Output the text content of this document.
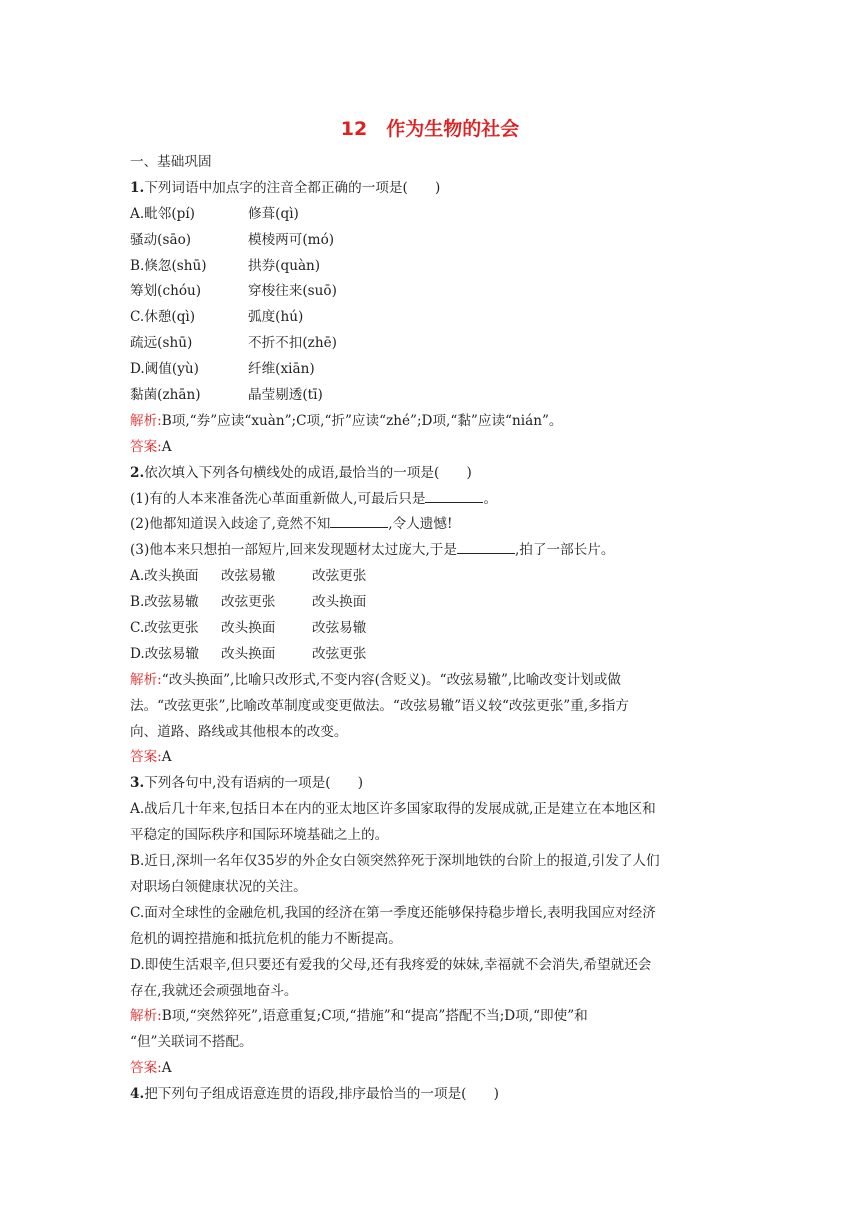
12　作为生物的社会
一、基础巩固
1.下列词语中加点字的注音全都正确的一项是(　　)
A.毗邻(pí)	修葺(qì)
骚动(sāo)	模棱两可(mó)
B.倏忽(shū)	拱券(quàn)
筹划(chóu)	穿梭往来(suō)
C.休憩(qì)	弧度(hú)
疏远(shū)	不折不扣(zhē)
D.阈值(yù)	纤维(xiān)
黏菌(zhān)	晶莹剔透(tī)
解析:B项,“券”应读“xuàn”;C项,“折”应读“zhé”;D项,“黏”应读“nián”。
答案:A
2.依次填入下列各句横线处的成语,最恰当的一项是(　　)
(1)有的人本来准备洗心革面重新做人,可最后只是	。
(2)他都知道误入歧途了,竟然不知	,令人遗憾!
(3)他本来只想拍一部短片,回来发现题材太过庞大,于是	,拍了一部长片。
A.改头换面 改弦易辙	改弦更张
B.改弦易辙 改弦更张	改头换面
C.改弦更张 改头换面	改弦易辙
D.改弦易辙 改头换面	改弦更张
解析:“改头换面”,比喻只改形式,不变内容(含贬义)。“改弦易辙”,比喻改变计划或做
法。“改弦更张”,比喻改革制度或变更做法。“改弦易辙”语义较“改弦更张”重,多指方
向、道路、路线或其他根本的改变。
答案:A
3.下列各句中,没有语病的一项是(　　)
A.战后几十年来,包括日本在内的亚太地区许多国家取得的发展成就,正是建立在本地区和
平稳定的国际秩序和国际环境基础之上的。
B.近日,深圳一名年仅35岁的外企女白领突然猝死于深圳地铁的台阶上的报道,引发了人们
对职场白领健康状况的关注。
C.面对全球性的金融危机,我国的经济在第一季度还能够保持稳步增长,表明我国应对经济
危机的调控措施和抵抗危机的能力不断提高。
D.即使生活艰辛,但只要还有爱我的父母,还有我疼爱的妹妹,幸福就不会消失,希望就还会
存在,我就还会顽强地奋斗。
解析:B项,“突然猝死”,语意重复;C项,“措施”和“提高”搭配不当;D项,“即使”和
“但”关联词不搭配。
答案:A
4.把下列句子组成语意连贯的语段,排序最恰当的一项是(　　)
